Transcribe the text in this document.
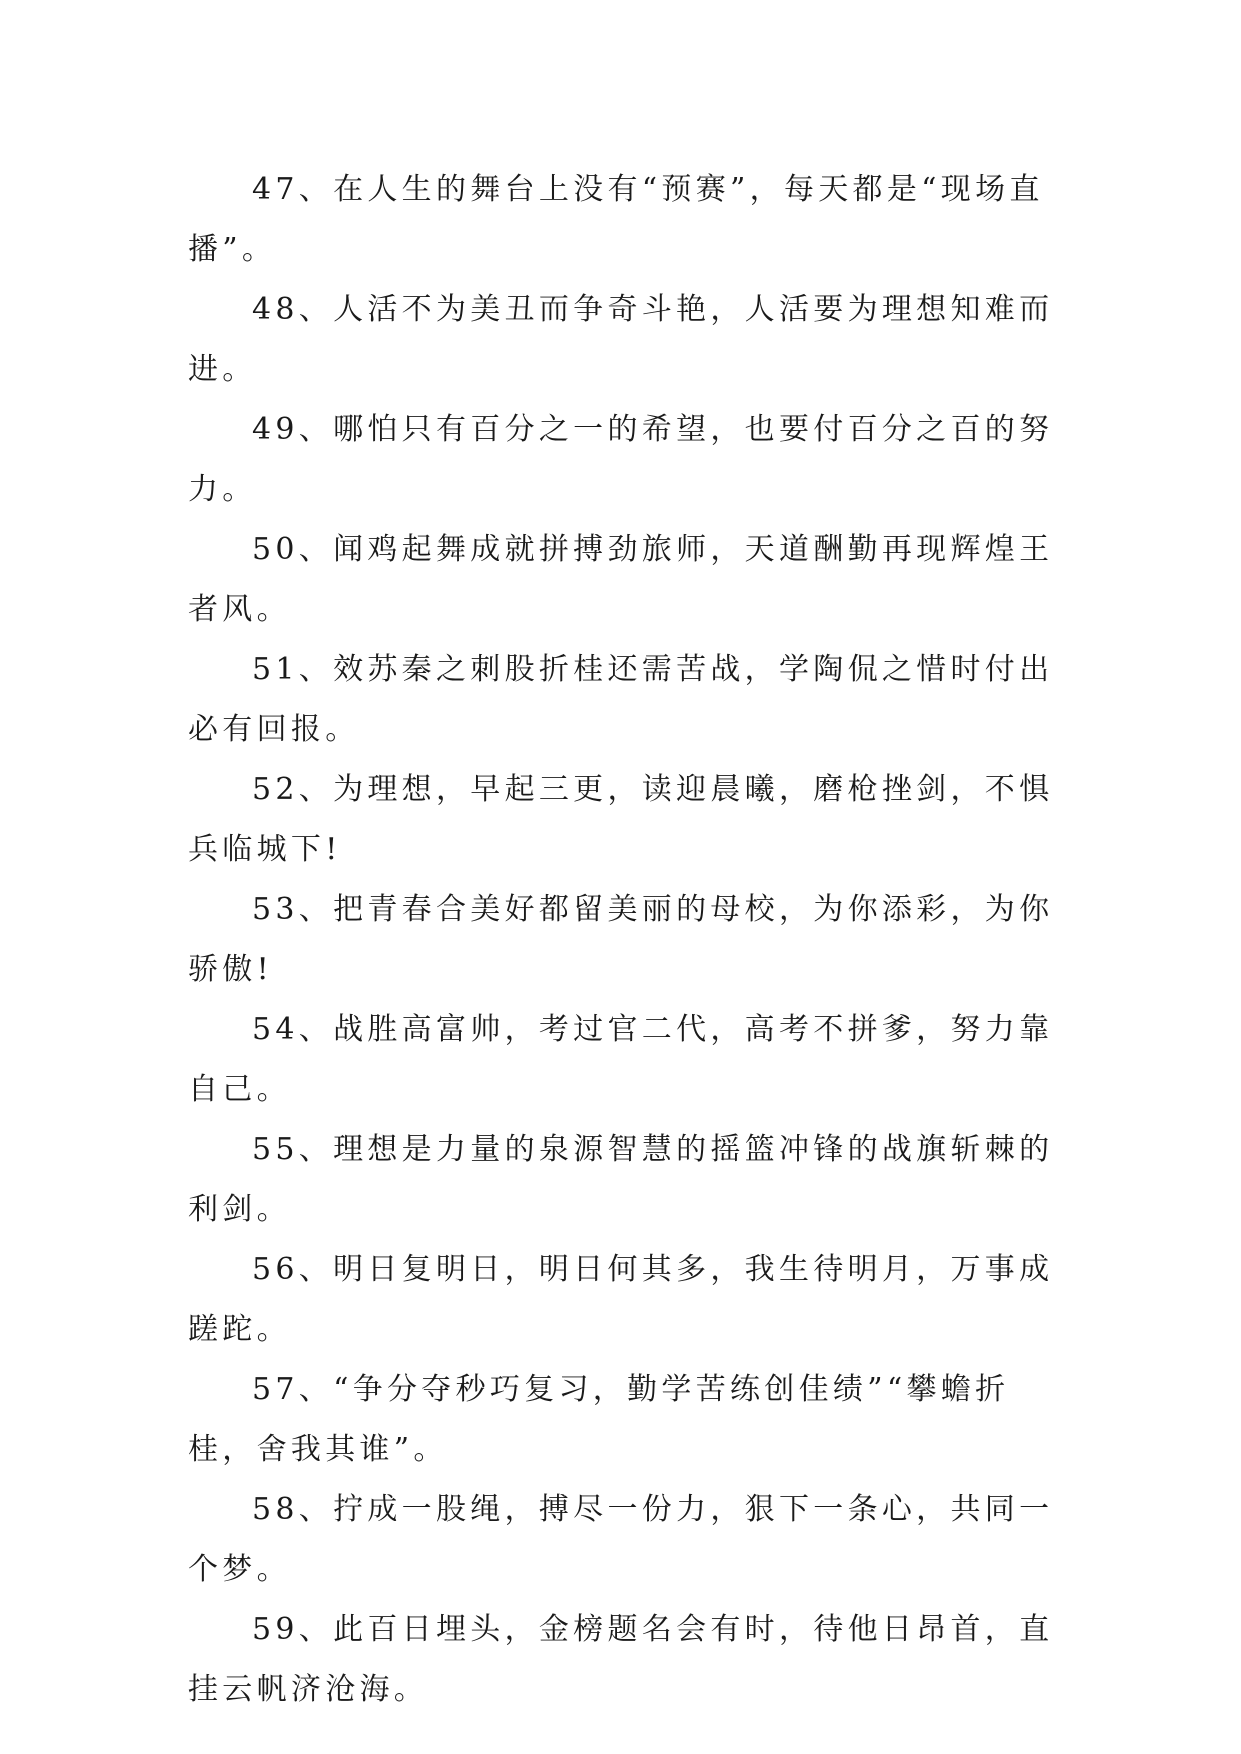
47、在人生的舞台上没有“预赛”，每天都是“现场直播”。

48、人活不为美丑而争奇斗艳，人活要为理想知难而进。

49、哪怕只有百分之一的希望，也要付百分之百的努力。

50、闻鸡起舞成就拼搏劲旅师，天道酬勤再现辉煌王者风。

51、效苏秦之刺股折桂还需苦战，学陶侃之惜时付出必有回报。

52、为理想，早起三更，读迎晨曦，磨枪挫剑，不惧兵临城下!

53、把青春合美好都留美丽的母校，为你添彩，为你骄傲!

54、战胜高富帅，考过官二代，高考不拼爹，努力靠自己。

55、理想是力量的泉源智慧的摇篮冲锋的战旗斩棘的利剑。

56、明日复明日，明日何其多，我生待明月，万事成蹉跎。

57、“争分夺秒巧复习，勤学苦练创佳绩”“攀蟾折桂，舍我其谁”。

58、拧成一股绳，搏尽一份力，狠下一条心，共同一个梦。

59、此百日埋头，金榜题名会有时，待他日昂首，直挂云帆济沧海。
